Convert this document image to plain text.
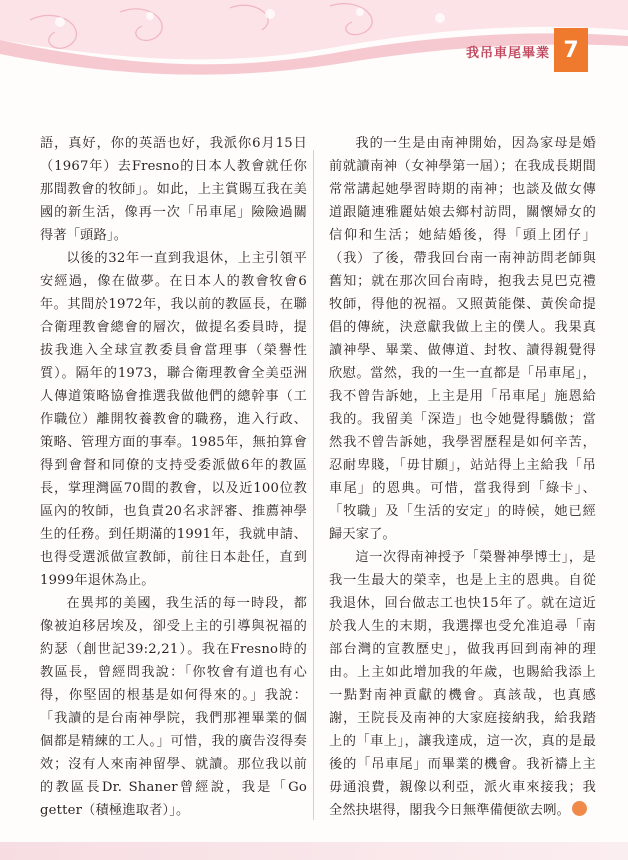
我吊車尾畢業 7

語，真好，你的英語也好，我派你6月15日（1967年）去Fresno的日本人教會就任你那間教會的牧師」。如此，上主賞賜互我在美國的新生活，像再一次「吊車尾」險險過關得著「頭路」。

以後的32年一直到我退休，上主引領平安經過，像在做夢。在日本人的教會牧會6年。其間於1972年，我以前的教區長，在聯合衛理教會總會的層次，做提名委員時，提拔我進入全球宣教委員會當理事（榮譽性質）。隔年的1973，聯合衛理教會全美亞洲人傳道策略協會推選我做他們的總幹事（工作職位）離開牧養教會的職務，進入行政、策略、管理方面的事奉。1985年，無拍算會得到會督和同僚的支持受委派做6年的教區長，掌理灣區70間的教會，以及近100位教區內的牧師，也負責20名求評審、推薦神學生的任務。到任期滿的1991年，我就申請、也得受選派做宣教師，前往日本赴任，直到1999年退休為止。

在異邦的美國，我生活的每一時段，都像被迫移居埃及，卻受上主的引導與祝福的約瑟（創世記39:2,21）。我在Fresno時的教區長，曾經問我說：「你牧會有道也有心得，你堅固的根基是如何得來的。」我說：「我讀的是台南神學院，我們那裡畢業的個個都是精練的工人。」可惜，我的廣告沒得奏效；沒有人來南神留學、就讀。那位我以前的教區長Dr. Shaner曾經說，我是「Go getter（積極進取者）」。

我的一生是由南神開始，因為家母是婚前就讀南神（女神學第一屆）；在我成長期間常常講起她學習時期的南神；也談及做女傳道跟隨連雅麗姑娘去鄉村訪問，關懷婦女的信仰和生活；她結婚後，得「頭上团仔」（我）了後，帶我回台南一南神訪問老師與舊知；就在那次回台南時，抱我去見巴克禮牧師，得他的祝福。又照黃能傑、黃俟命提倡的傳統，決意獻我做上主的僕人。我果真讀神學、畢業、做傳道、封牧、讀得親覺得欣慰。當然，我的一生一直都是「吊車尾」，我不曾告訴她，上主是用「吊車尾」施恩給我的。我留美「深造」也令她覺得驕傲；當然我不曾告訴她，我學習歷程是如何辛苦，忍耐卑賤，「毋甘願」，站站得上主給我「吊車尾」的恩典。可惜，當我得到「綠卡」、「牧職」及「生活的安定」的時候，她已經歸天家了。

這一次得南神授予「榮譽神學博士」，是我一生最大的榮幸，也是上主的恩典。自從我退休，回台做志工也快15年了。就在這近於我人生的末期，我選擇也受允准追尋「南部台灣的宣教歷史」，做我再回到南神的理由。上主如此增加我的年歲，也賜給我添上一點對南神貢獻的機會。真該哉，也真感謝，王院長及南神的大家庭接納我，給我踏上的「車上」，讓我達成，這一次，真的是最後的「吊車尾」而畢業的機會。我祈禱上主毋通浪費，親像以利亞，派火車來接我；我全然抉堪得，閣我今日無準備便欲去咧。
